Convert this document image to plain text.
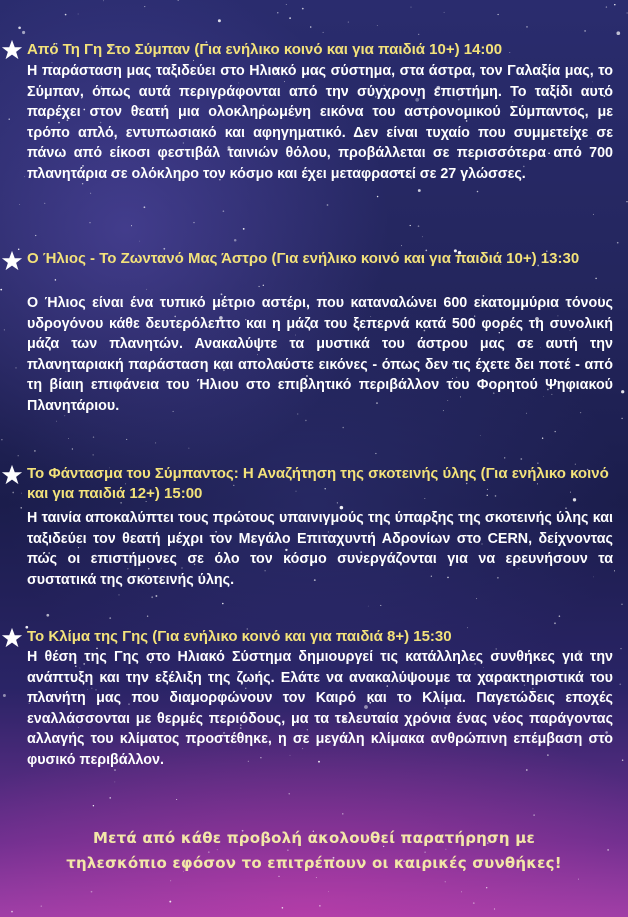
Από Τη Γη Στο Σύμπαν (Για ενήλικο κοινό και για παιδιά 10+) 14:00
Η παράσταση μας ταξιδεύει στο Ηλιακό μας σύστημα, στα άστρα, τον Γαλαξία μας, το Σύμπαν, όπως αυτά περιγράφονται από την σύγχρονη επιστήμη. Το ταξίδι αυτό παρέχει στον θεατή μια ολοκληρωμένη εικόνα του αστρονομικού Σύμπαντος, με τρόπο απλό, εντυπωσιακό και αφηγηματικό. Δεν είναι τυχαίο που συμμετείχε σε πάνω από είκοσι φεστιβάλ ταινιών θόλου, προβάλλεται σε περισσότερα από 700 πλανητάρια σε ολόκληρο τον κόσμο και έχει μεταφραστεί σε 27 γλώσσες.
Ο Ήλιος - Το Ζωντανό Μας Άστρο (Για ενήλικο κοινό και για παιδιά 10+) 13:30
Ο Ήλιος είναι ένα τυπικό μέτριο αστέρι, που καταναλώνει 600 εκατομμύρια τόνους υδρογόνου κάθε δευτερόλεπτο και η μάζα του ξεπερνά κατά 500 φορές τη συνολική μάζα των πλανητών. Ανακαλύψτε τα μυστικά του άστρου μας σε αυτή την πλανηταριακή παράσταση και απολαύστε εικόνες - όπως δεν τις έχετε δει ποτέ - από τη βίαιη επιφάνεια του Ήλιου στο επιβλητικό περιβάλλον του Φορητού Ψηφιακού Πλανητάριου.
Το Φάντασμα του Σύμπαντος: Η Αναζήτηση της σκοτεινής ύλης (Για ενήλικο κοινό και για παιδιά 12+) 15:00
Η ταινία αποκαλύπτει τους πρώτους υπαινιγμούς της ύπαρξης της σκοτεινής ύλης και ταξιδεύει τον θεατή μέχρι τον Μεγάλο Επιταχυντή Αδρονίων στο CERN, δείχνοντας πώς οι επιστήμονες σε όλο τον κόσμο συνεργάζονται για να ερευνήσουν τα συστατικά της σκοτεινής ύλης.
Το Κλίμα της Γης (Για ενήλικο κοινό και για παιδιά 8+) 15:30
Η θέση της Γης στο Ηλιακό Σύστημα δημιουργεί τις κατάλληλες συνθήκες για την ανάπτυξη και την εξέλιξη της ζωής. Ελάτε να ανακαλύψουμε τα χαρακτηριστικά του πλανήτη μας που διαμορφώνουν τον Καιρό και το Κλίμα. Παγετώδεις εποχές εναλλάσσονται με θερμές περιόδους, μα τα τελευταία χρόνια ένας νέος παράγοντας αλλαγής του κλίματος προστέθηκε, η σε μεγάλη κλίμακα ανθρώπινη επέμβαση στο φυσικό περιβάλλον.
Μετά από κάθε προβολή ακολουθεί παρατήρηση με
τηλεσκόπιο εφόσον το επιτρέπουν οι καιρικές συνθήκες!
